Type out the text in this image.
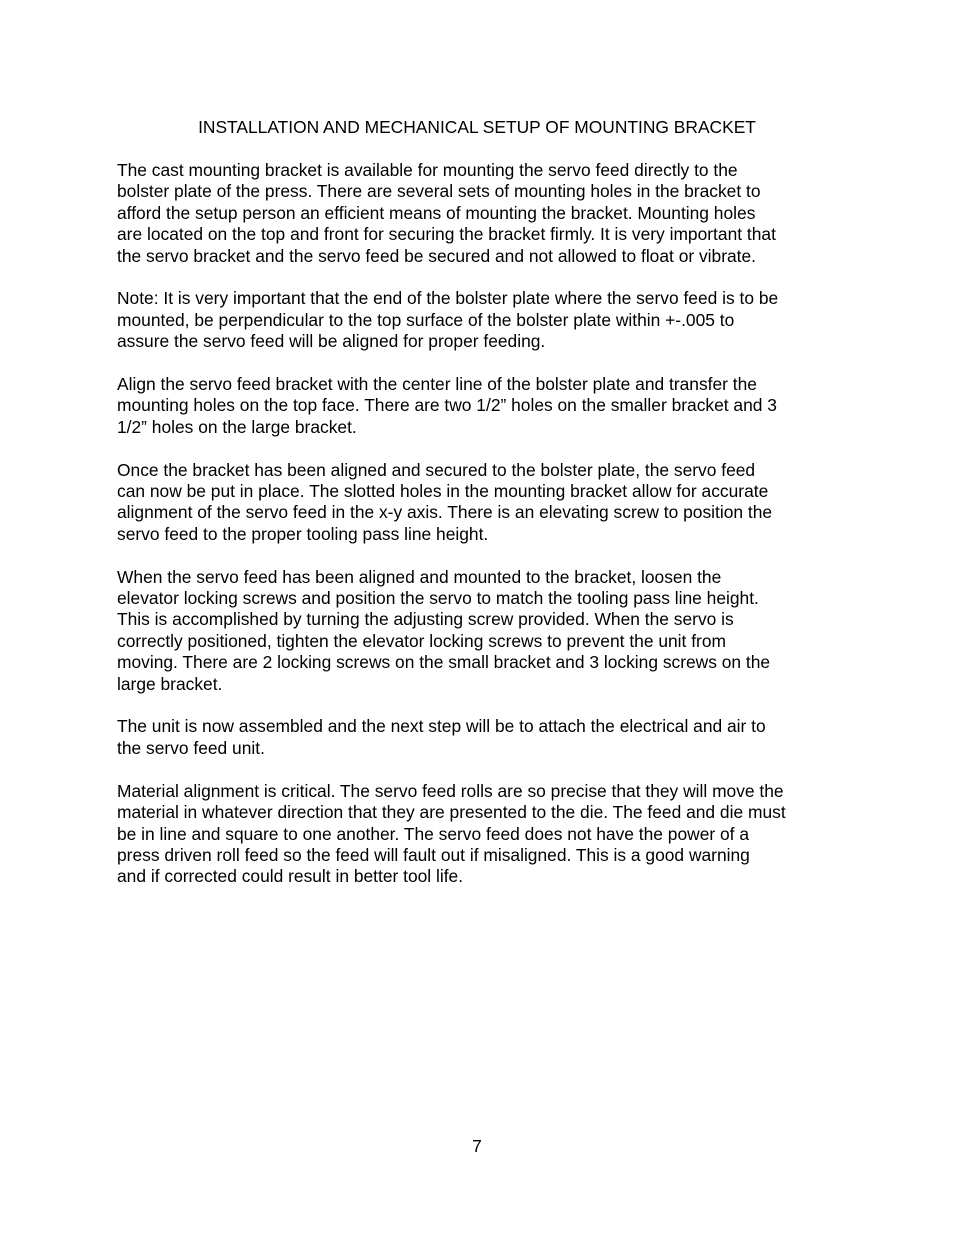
INSTALLATION AND MECHANICAL SETUP OF MOUNTING BRACKET

The cast mounting bracket is available for mounting the servo feed directly to the
bolster plate of the press. There are several sets of mounting holes in the bracket to
afford the setup person an efficient means of mounting the bracket. Mounting holes
are located on the top and front for securing the bracket firmly. It is very important that
the servo bracket and the servo feed be secured and not allowed to float or vibrate.

Note: It is very important that the end of the bolster plate where the servo feed is to be
mounted, be perpendicular to the top surface of the bolster plate within +-.005 to
assure the servo feed will be aligned for proper feeding.

Align the servo feed bracket with the center line of the bolster plate and transfer the
mounting holes on the top face. There are two 1/2” holes on the smaller bracket and 3
1/2” holes on the large bracket.

Once the bracket has been aligned and secured to the bolster plate, the servo feed
can now be put in place. The slotted holes in the mounting bracket allow for accurate
alignment of the servo feed in the x-y axis. There is an elevating screw to position the
servo feed to the proper tooling pass line height.

When the servo feed has been aligned and mounted to the bracket, loosen the
elevator locking screws and position the servo to match the tooling pass line height.
This is accomplished by turning the adjusting screw provided. When the servo is
correctly positioned, tighten the elevator locking screws to prevent the unit from
moving. There are 2 locking screws on the small bracket and 3 locking screws on the
large bracket.

The unit is now assembled and the next step will be to attach the electrical and air to
the servo feed unit.

Material alignment is critical. The servo feed rolls are so precise that they will move the
material in whatever direction that they are presented to the die. The feed and die must
be in line and square to one another. The servo feed does not have the power of a
press driven roll feed so the feed will fault out if misaligned. This is a good warning
and if corrected could result in better tool life.

7
